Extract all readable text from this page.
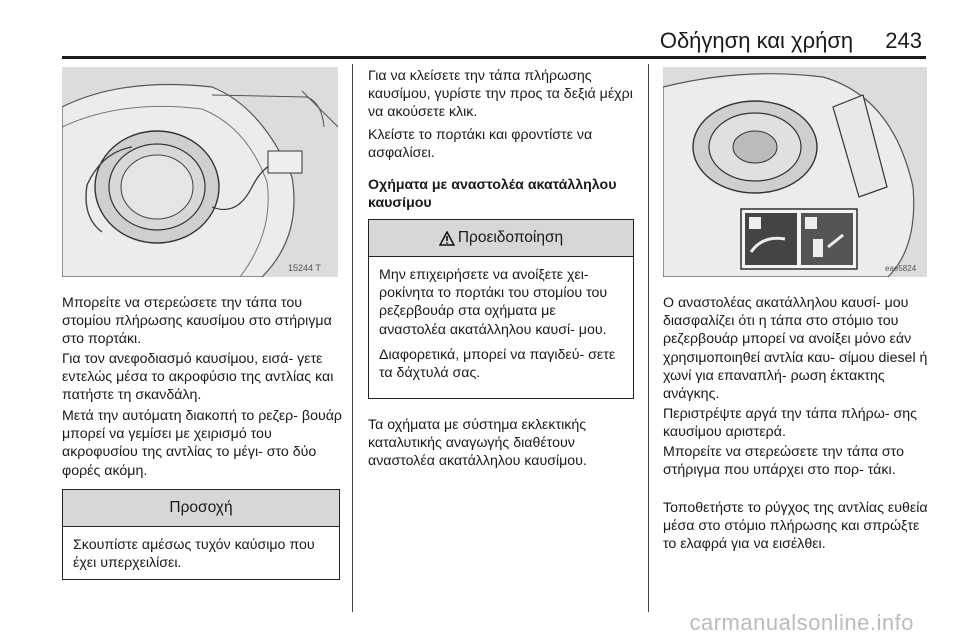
Οδήγηση και χρήση 243
15244 T

Μπορείτε να στερεώσετε την τάπα του στομίου πλήρωσης καυσίμου στο στήριγμα στο πορτάκι.

Για τον ανεφοδιασμό καυσίμου, εισά- γετε εντελώς μέσα το ακροφύσιο της αντλίας και πατήστε τη σκανδάλη.

Μετά την αυτόματη διακοπή το ρεζερ- βουάρ μπορεί να γεμίσει με χειρισμό του ακροφυσίου της αντλίας το μέγι- στο δύο φορές ακόμη.

Προσοχή

Σκουπίστε αμέσως τυχόν καύσιμο που έχει υπερχειλίσει.

Για να κλείσετε την τάπα πλήρωσης καυσίμου, γυρίστε την προς τα δεξιά μέχρι να ακούσετε κλικ.

Κλείστε το πορτάκι και φροντίστε να ασφαλίσει.

Οχήματα με αναστολέα ακατάλληλου καυσίμου

Προειδοποίηση

Μην επιχειρήσετε να ανοίξετε χει- ροκίνητα το πορτάκι του στομίου του ρεζερβουάρ στα οχήματα με αναστολέα ακατάλληλου καυσί- μου.

Διαφορετικά, μπορεί να παγιδεύ- σετε τα δάχτυλά σας.

Τα οχήματα με σύστημα εκλεκτικής καταλυτικής αναγωγής διαθέτουν αναστολέα ακατάλληλου καυσίμου.

eae5824

Ο αναστολέας ακατάλληλου καυσί- μου διασφαλίζει ότι η τάπα στο στόμιο του ρεζερβουάρ μπορεί να ανοίξει μόνο εάν χρησιμοποιηθεί αντλία καυ- σίμου diesel ή χωνί για επαναπλή- ρωση έκτακτης ανάγκης.

Περιστρέψτε αργά την τάπα πλήρω- σης καυσίμου αριστερά.

Μπορείτε να στερεώσετε την τάπα στο στήριγμα που υπάρχει στο πορ- τάκι.

Τοποθετήστε το ρύγχος της αντλίας ευθεία μέσα στο στόμιο πλήρωσης και σπρώξτε το ελαφρά για να εισέλθει.

carmanualsonline.info
